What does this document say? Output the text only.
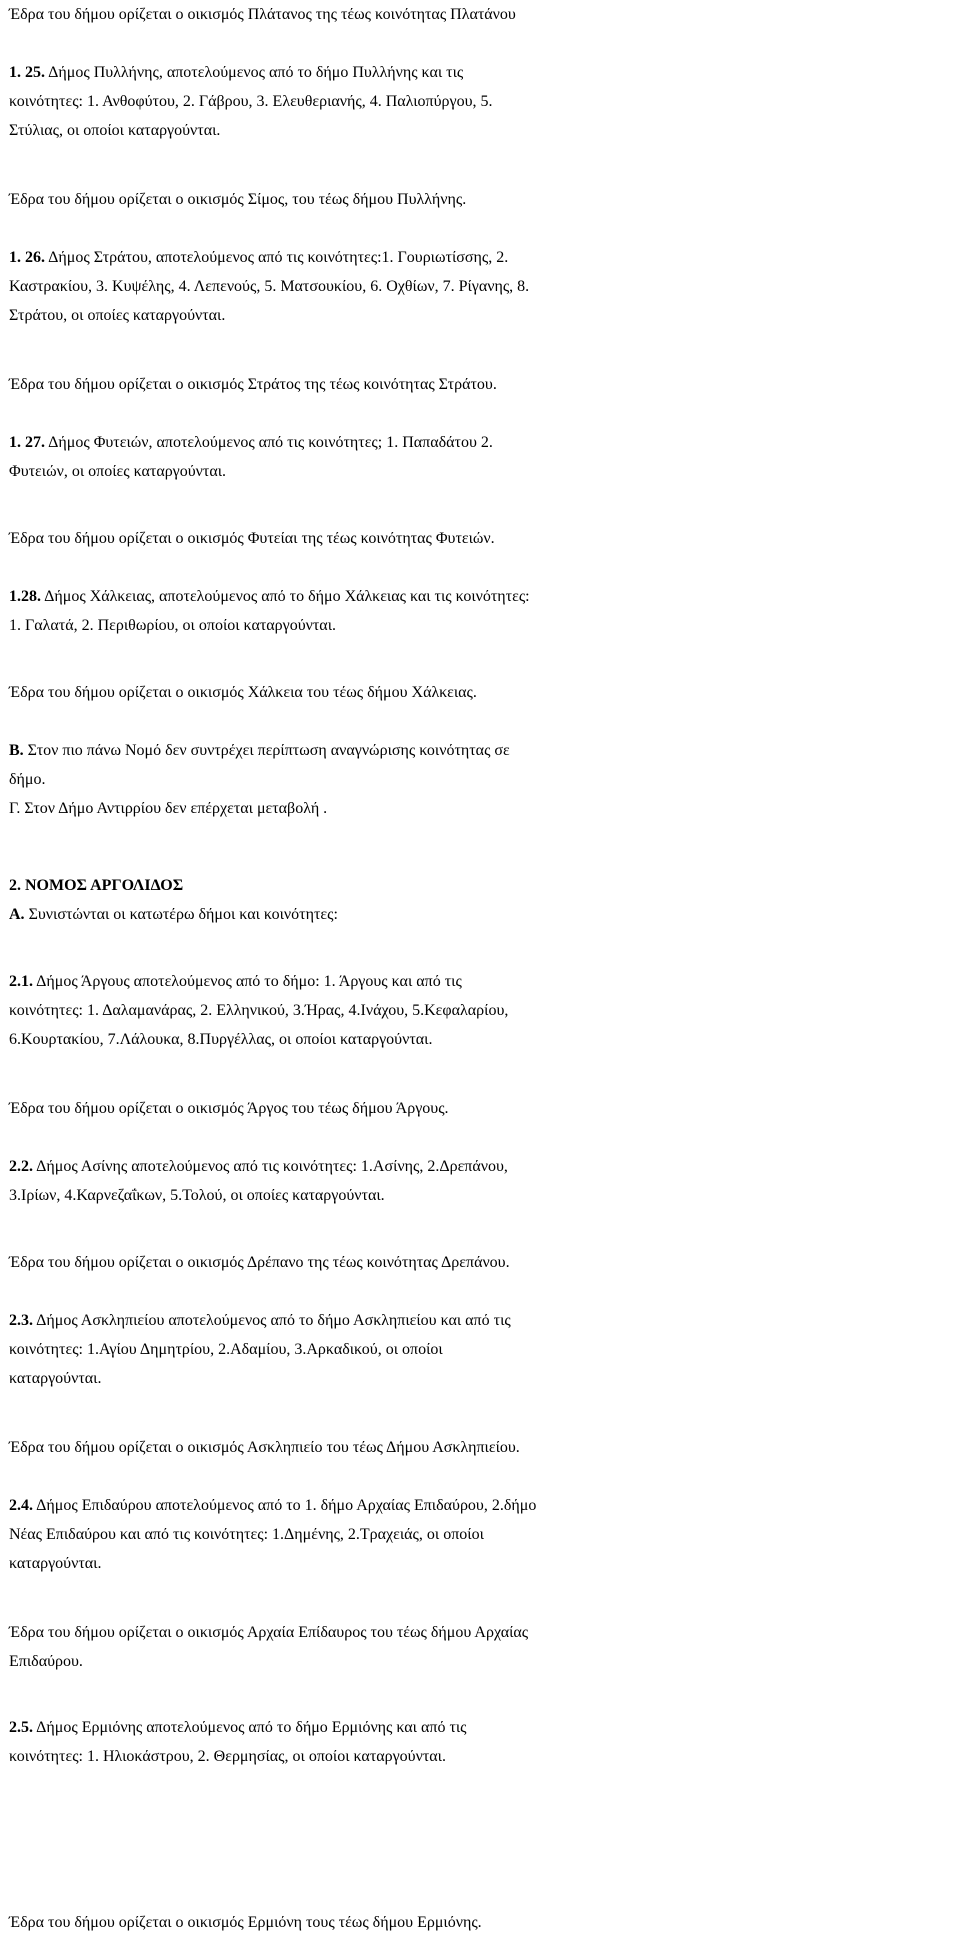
Έδρα του δήμου ορίζεται ο οικισμός Πλάτανος της τέως κοινότητας Πλατάνου
1. 25. Δήμος Πυλλήνης, αποτελούμενος από το δήμο Πυλλήνης και τις
κοινότητες: 1. Ανθοφύτου, 2. Γάβρου, 3. Ελευθεριανής, 4. Παλιοπύργου, 5.
Στύλιας, οι οποίοι καταργούνται.
Έδρα του δήμου ορίζεται ο οικισμός Σίμος, του τέως δήμου Πυλλήνης.
1. 26. Δήμος Στράτου, αποτελούμενος από τις κοινότητες:1. Γουριωτίσσης, 2.
Καστρακίου, 3. Κυψέλης, 4. Λεπενούς, 5. Ματσουκίου, 6. Οχθίων, 7. Ρίγανης, 8.
Στράτου, οι οποίες καταργούνται.
Έδρα του δήμου ορίζεται ο οικισμός Στράτος της τέως κοινότητας Στράτου.
1. 27. Δήμος Φυτειών, αποτελούμενος από τις κοινότητες; 1. Παπαδάτου 2.
Φυτειών, οι οποίες καταργούνται.
Έδρα του δήμου ορίζεται ο οικισμός Φυτείαι της τέως κοινότητας Φυτειών.
1.28. Δήμος Χάλκειας, αποτελούμενος από το δήμο Χάλκειας και τις κοινότητες:
1. Γαλατά, 2. Περιθωρίου, οι οποίοι καταργούνται.
Έδρα του δήμου ορίζεται ο οικισμός Χάλκεια του τέως δήμου Χάλκειας.
Β. Στον πιο πάνω Νομό δεν συντρέχει περίπτωση αναγνώρισης κοινότητας σε
δήμο.
Γ. Στον Δήμο Αντιρρίου δεν επέρχεται μεταβολή .
2. ΝΟΜΟΣ ΑΡΓΟΛΙΔΟΣ
Α. Συνιστώνται οι κατωτέρω δήμοι και κοινότητες:
2.1. Δήμος Άργους αποτελούμενος από το δήμο: 1. Άργους και από τις
κοινότητες: 1. Δαλαμανάρας, 2. Ελληνικού, 3.Ήρας, 4.Ινάχου, 5.Κεφαλαρίου,
6.Κουρτακίου, 7.Λάλουκα, 8.Πυργέλλας, οι οποίοι καταργούνται.
Έδρα του δήμου ορίζεται ο οικισμός Άργος του τέως δήμου Άργους.
2.2. Δήμος Ασίνης αποτελούμενος από τις κοινότητες: 1.Ασίνης, 2.Δρεπάνου,
3.Ιρίων, 4.Καρνεζαΐκων, 5.Τολού, οι οποίες καταργούνται.
Έδρα του δήμου ορίζεται ο οικισμός Δρέπανο της τέως κοινότητας Δρεπάνου.
2.3. Δήμος Ασκληπιείου αποτελούμενος από το δήμο Ασκληπιείου και από τις
κοινότητες: 1.Αγίου Δημητρίου, 2.Αδαμίου, 3.Αρκαδικού, οι οποίοι
καταργούνται.
Έδρα του δήμου ορίζεται ο οικισμός Ασκληπιείο του τέως Δήμου Ασκληπιείου.
2.4. Δήμος Επιδαύρου αποτελούμενος από το 1. δήμο Αρχαίας Επιδαύρου, 2.δήμο
Νέας Επιδαύρου και από τις κοινότητες: 1.Δημένης, 2.Τραχειάς, οι οποίοι
καταργούνται.
Έδρα του δήμου ορίζεται ο οικισμός Αρχαία Επίδαυρος του τέως δήμου Αρχαίας
Επιδαύρου.
2.5. Δήμος Ερμιόνης αποτελούμενος από το δήμο Ερμιόνης και από τις
κοινότητες: 1. Ηλιοκάστρου, 2. Θερμησίας, οι οποίοι καταργούνται.
Έδρα του δήμου ορίζεται ο οικισμός Ερμιόνη τους τέως δήμου Ερμιόνης.
